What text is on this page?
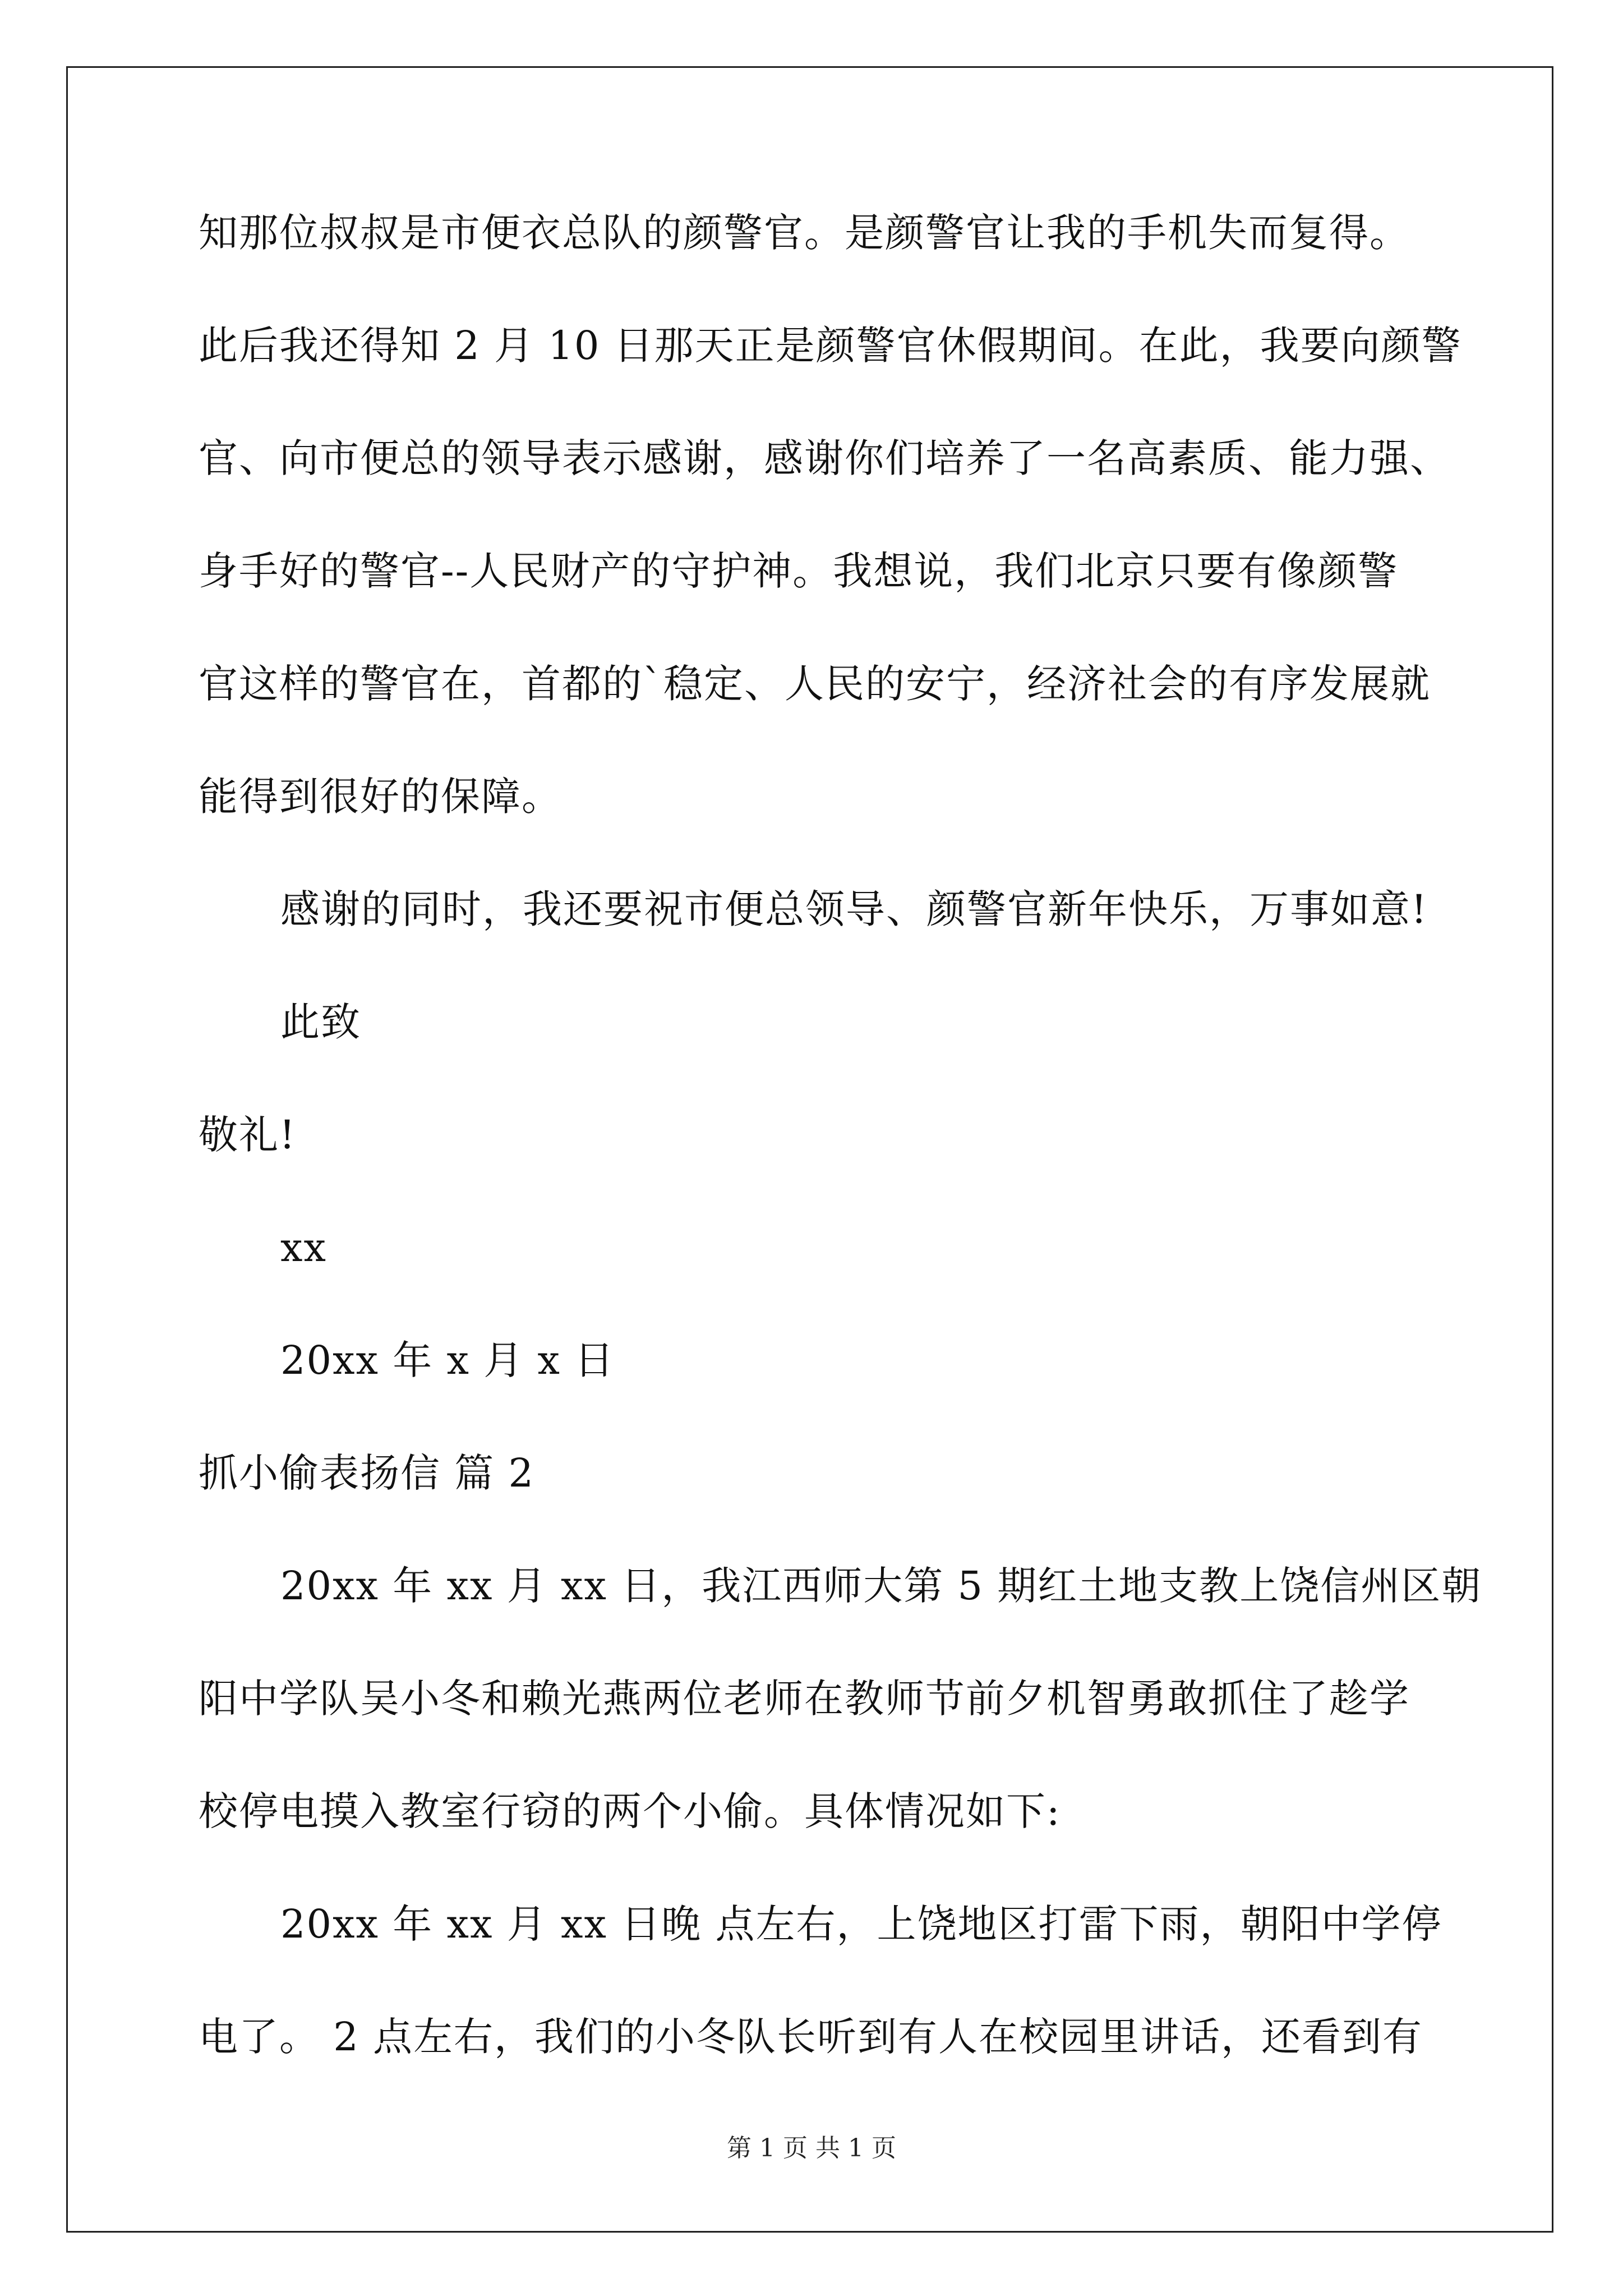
知那位叔叔是市便衣总队的颜警官。是颜警官让我的手机失而复得。
此后我还得知 2 月 10 日那天正是颜警官休假期间。在此，我要向颜警
官、向市便总的领导表示感谢，感谢你们培养了一名高素质、能力强、
身手好的警官--人民财产的守护神。我想说，我们北京只要有像颜警
官这样的警官在，首都的`稳定、人民的安宁，经济社会的有序发展就
能得到很好的保障。
感谢的同时，我还要祝市便总领导、颜警官新年快乐，万事如意!
此致
敬礼!
xx
20xx 年 x 月 x 日
抓小偷表扬信 篇 2
20xx 年 xx 月 xx 日，我江西师大第 5 期红土地支教上饶信州区朝
阳中学队吴小冬和赖光燕两位老师在教师节前夕机智勇敢抓住了趁学
校停电摸入教室行窃的两个小偷。具体情况如下:
20xx 年 xx 月 xx 日晚 点左右，上饶地区打雷下雨，朝阳中学停
电了。 2 点左右，我们的小冬队长听到有人在校园里讲话，还看到有
第 1 页 共 1 页
